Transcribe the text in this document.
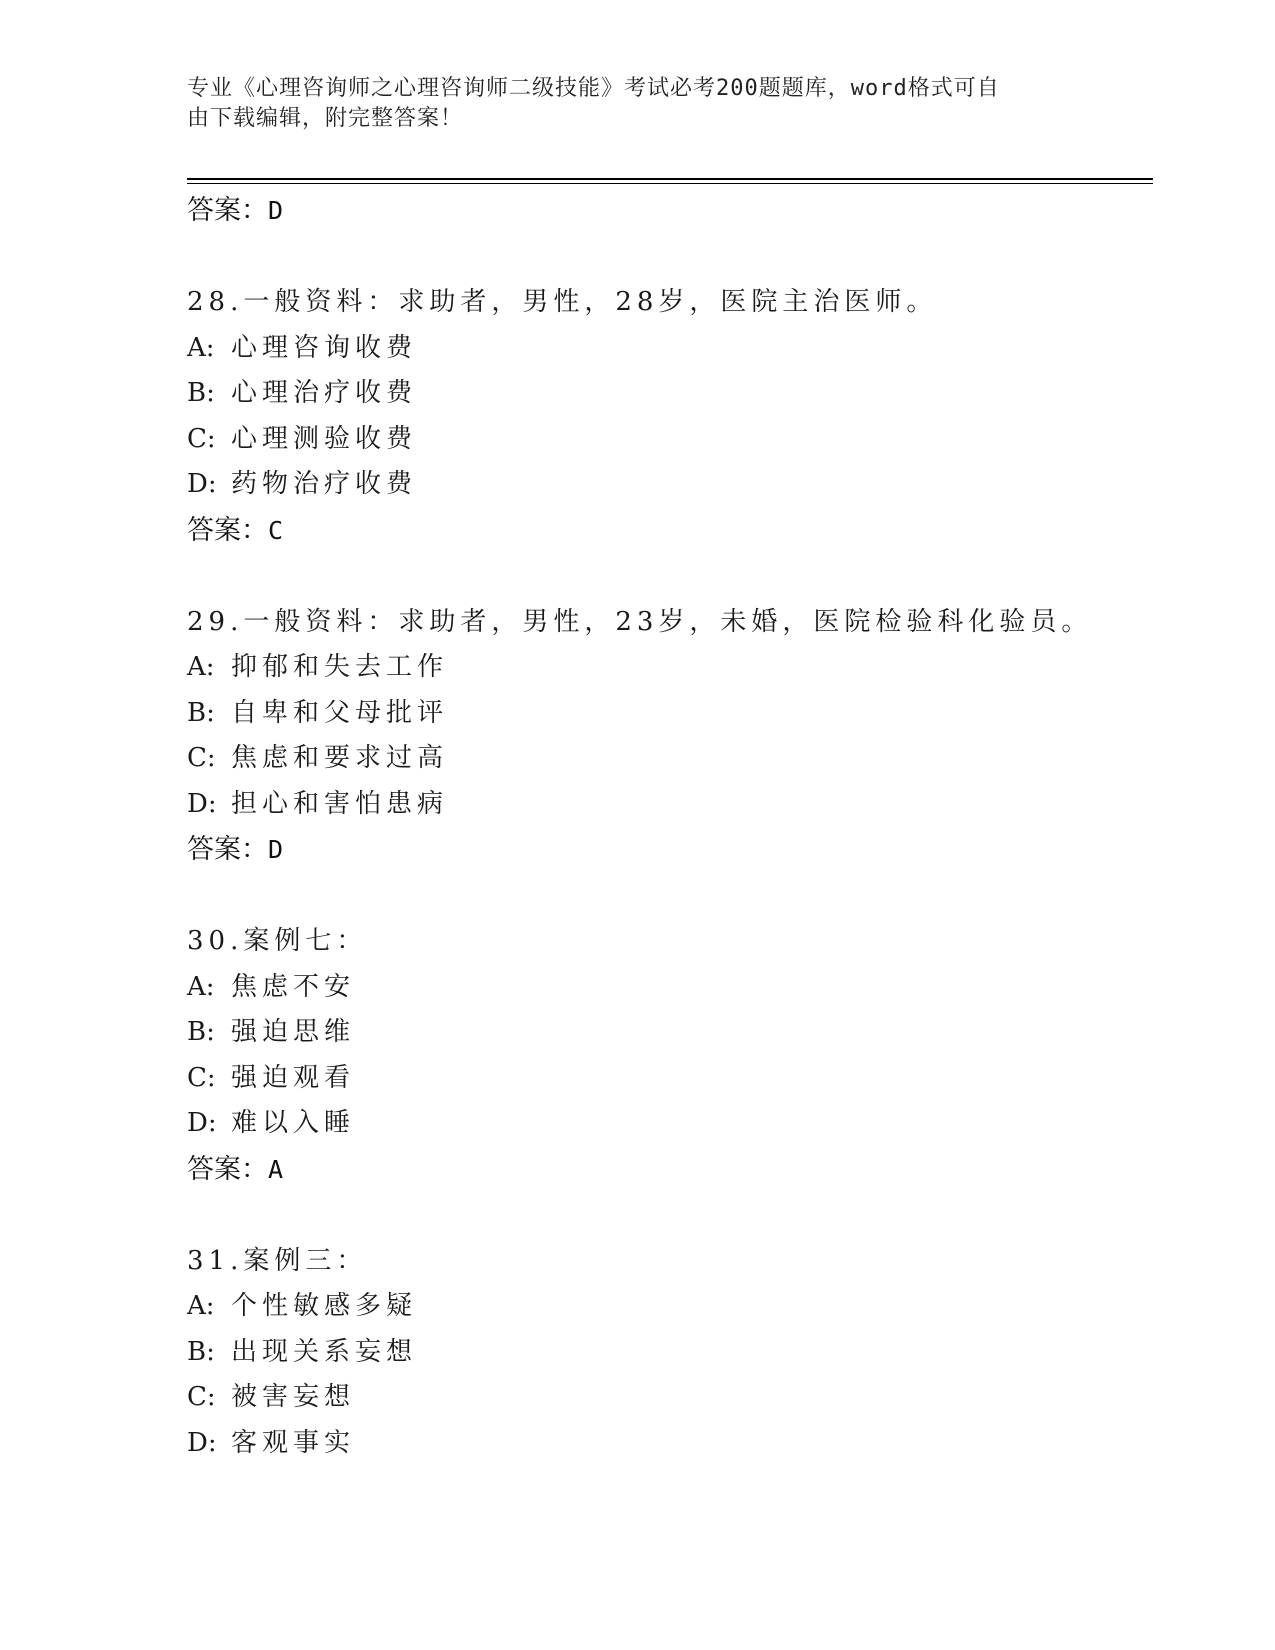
专业《心理咨询师之心理咨询师二级技能》考试必考200题题库，word格式可自
由下载编辑，附完整答案！
答案：D
28.一般资料：求助者，男性，28岁，医院主治医师。
A: 心理咨询收费
B: 心理治疗收费
C: 心理测验收费
D: 药物治疗收费
答案：C
29.一般资料：求助者，男性，23岁，未婚，医院检验科化验员。
A: 抑郁和失去工作
B: 自卑和父母批评
C: 焦虑和要求过高
D: 担心和害怕患病
答案：D
30.案例七：
A: 焦虑不安
B: 强迫思维
C: 强迫观看
D: 难以入睡
答案：A
31.案例三：
A: 个性敏感多疑
B: 出现关系妄想
C: 被害妄想
D: 客观事实
